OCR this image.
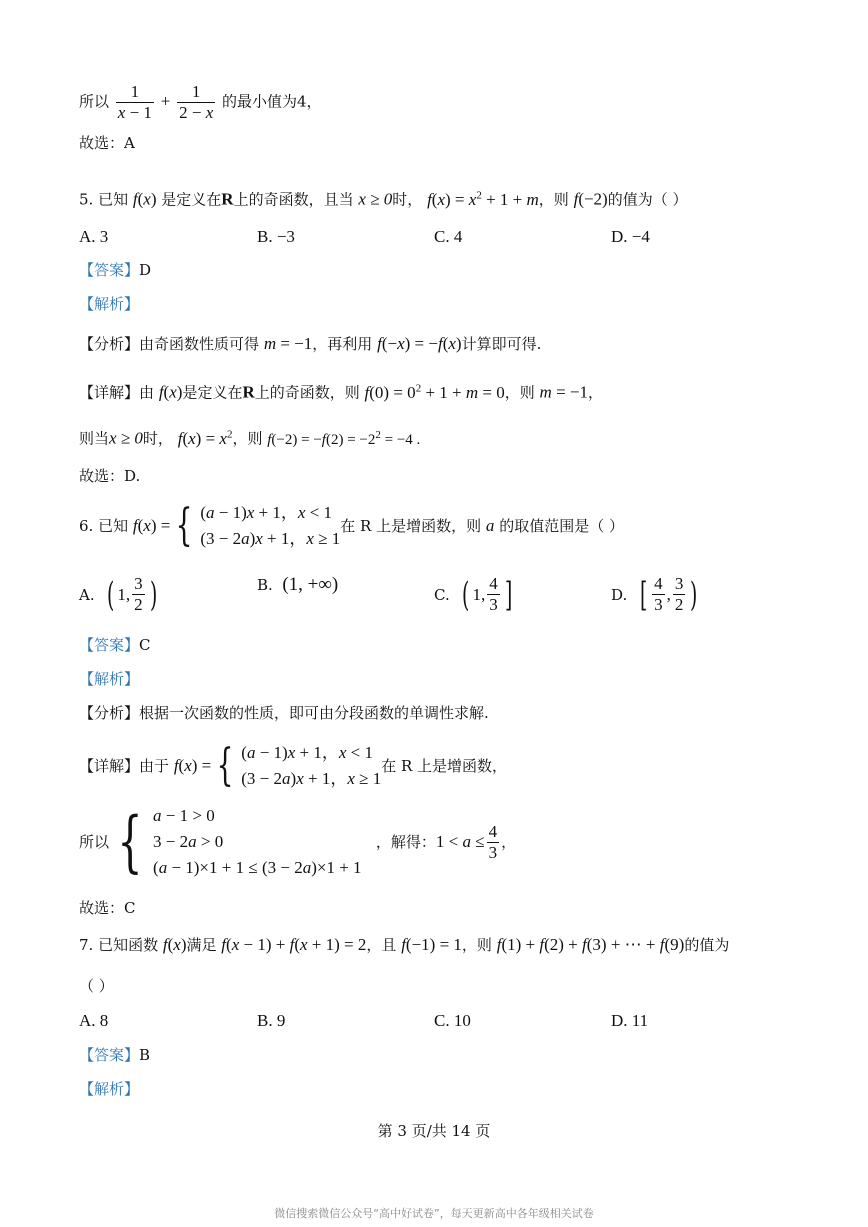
所以 $\frac{1}{x - 1} + \frac{1}{2 - x}$ 的最小值为4，
故选：A
5. 已知 f(x) 是定义在R上的奇函数，且当 x ≥ 0时， $f(x) = x^2 + 1 + m$，则 f(−2)的值为（ ）
A. 3	B. −3	C. 4	D. −4
【答案】D
【解析】
【分析】由奇函数性质可得 m = −1，再利用 f(−x) = −f(x)计算即可得.
【详解】由 f(x)是定义在R上的奇函数，则 $f(0) = 0^2 + 1 + m = 0$，则 m = −1，
则当x ≥ 0时， $f(x) = x^2$，则 $f(-2) = -f(2) = -2^2 = -4$ .
故选：D.
6. 已知
f(x) = { (a − 1)x + 1，x < 1
(3 − 2a)x + 1，x ≥ 1
在 R 上是增函数，则
a
的取值范围是（ ）
A.
( 1, $\frac{3}{2}$ )	B.
(1, +∞)	C.
( 1, $\frac{4}{3}$ ]	D.
[ $\frac{4}{3}$ , $\frac{3}{2}$ )
【答案】C
【解析】
【分析】根据一次函数的性质，即可由分段函数的单调性求解.
【详解】 由于
f(x) = { (a − 1)x + 1，x < 1
(3 − 2a)x + 1，x ≥ 1
在 R 上是增函数，
所以 { a − 1 > 0
3 − 2a > 0
(a − 1)×1 + 1 ≤ (3 − 2a)×1 + 1

，解得： $1 < a \le \frac{4}{3}$ ，
故选：C
7. 已知函数 f(x)满足 f(x − 1) + f(x + 1) = 2，且 f(−1) = 1，则 f(1) + f(2) + f(3) + ⋯ + f(9)的值为
（ ）
A. 8	B. 9	C. 10	D. 11
【答案】B
【解析】
第 3 页/共 14 页
微信搜索微信公众号“高中好试卷”，每天更新高中各年级相关试卷
